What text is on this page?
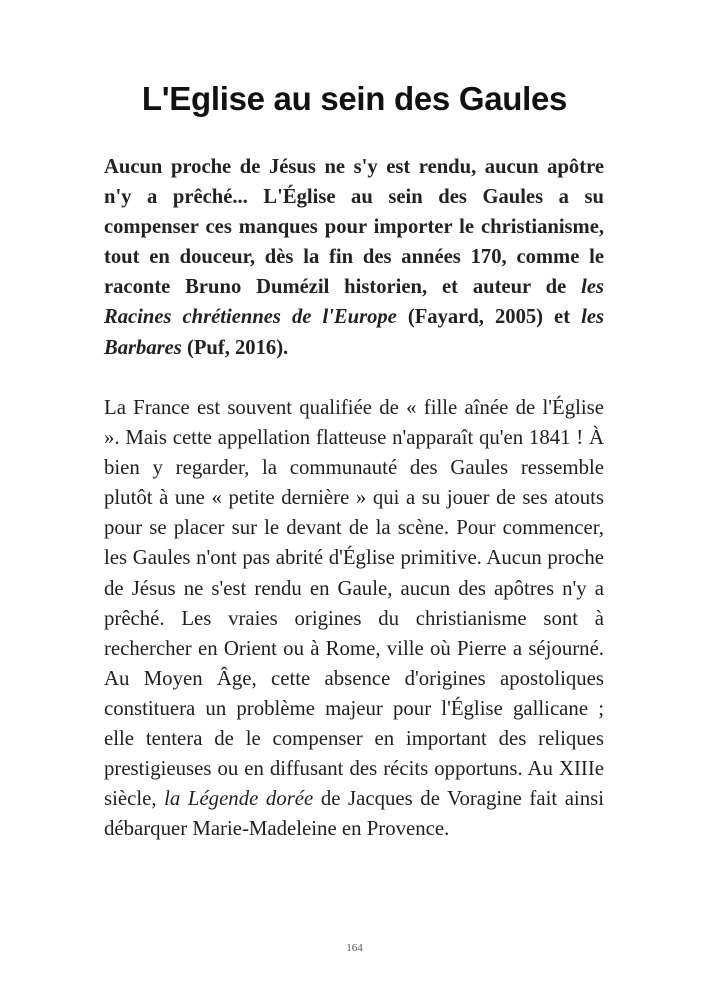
L'Eglise au sein des Gaules

Aucun proche de Jésus ne s'y est rendu, aucun apôtre n'y a prêché... L'Église au sein des Gaules a su compenser ces manques pour importer le christianisme, tout en douceur, dès la fin des années 170, comme le raconte Bruno Dumézil historien, et auteur de les Racines chrétiennes de l'Europe (Fayard, 2005) et les Barbares (Puf, 2016).

La France est souvent qualifiée de « fille aînée de l'Église ». Mais cette appellation flatteuse n'apparaît qu'en 1841 ! À bien y regarder, la communauté des Gaules ressemble plutôt à une « petite dernière » qui a su jouer de ses atouts pour se placer sur le devant de la scène. Pour commencer, les Gaules n'ont pas abrité d'Église primitive. Aucun proche de Jésus ne s'est rendu en Gaule, aucun des apôtres n'y a prêché. Les vraies origines du christianisme sont à rechercher en Orient ou à Rome, ville où Pierre a séjourné. Au Moyen Âge, cette absence d'origines apostoliques constituera un problème majeur pour l'Église gallicane ; elle tentera de le compenser en important des reliques prestigieuses ou en diffusant des récits opportuns. Au XIIIe siècle, la Légende dorée de Jacques de Voragine fait ainsi débarquer Marie-Madeleine en Provence.

164
